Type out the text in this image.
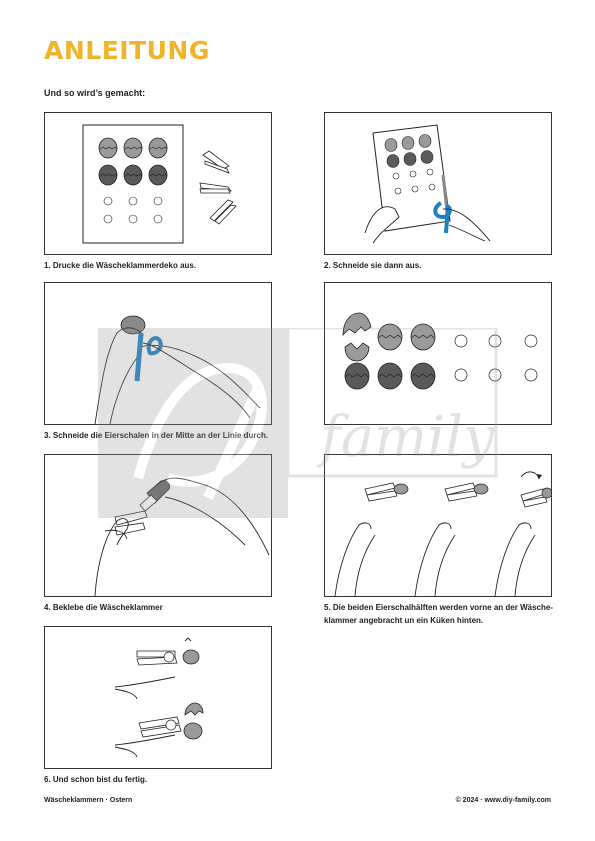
ANLEITUNG
Und so wird’s gemacht:
1. Drucke die Wäscheklammerdeko aus.	2. Schneide sie dann aus.
3. Schneide die Eierschalen in der Mitte an der Linie durch.
4. Beklebe die Wäscheklammer	5. Die beiden Eierschalhälften werden vorne an der Wäsche-
klammer angebracht un ein Küken hinten.
6. Und schon bist du fertig.
family
Wäscheklammern · Ostern	© 2024 · www.diy-family.com
